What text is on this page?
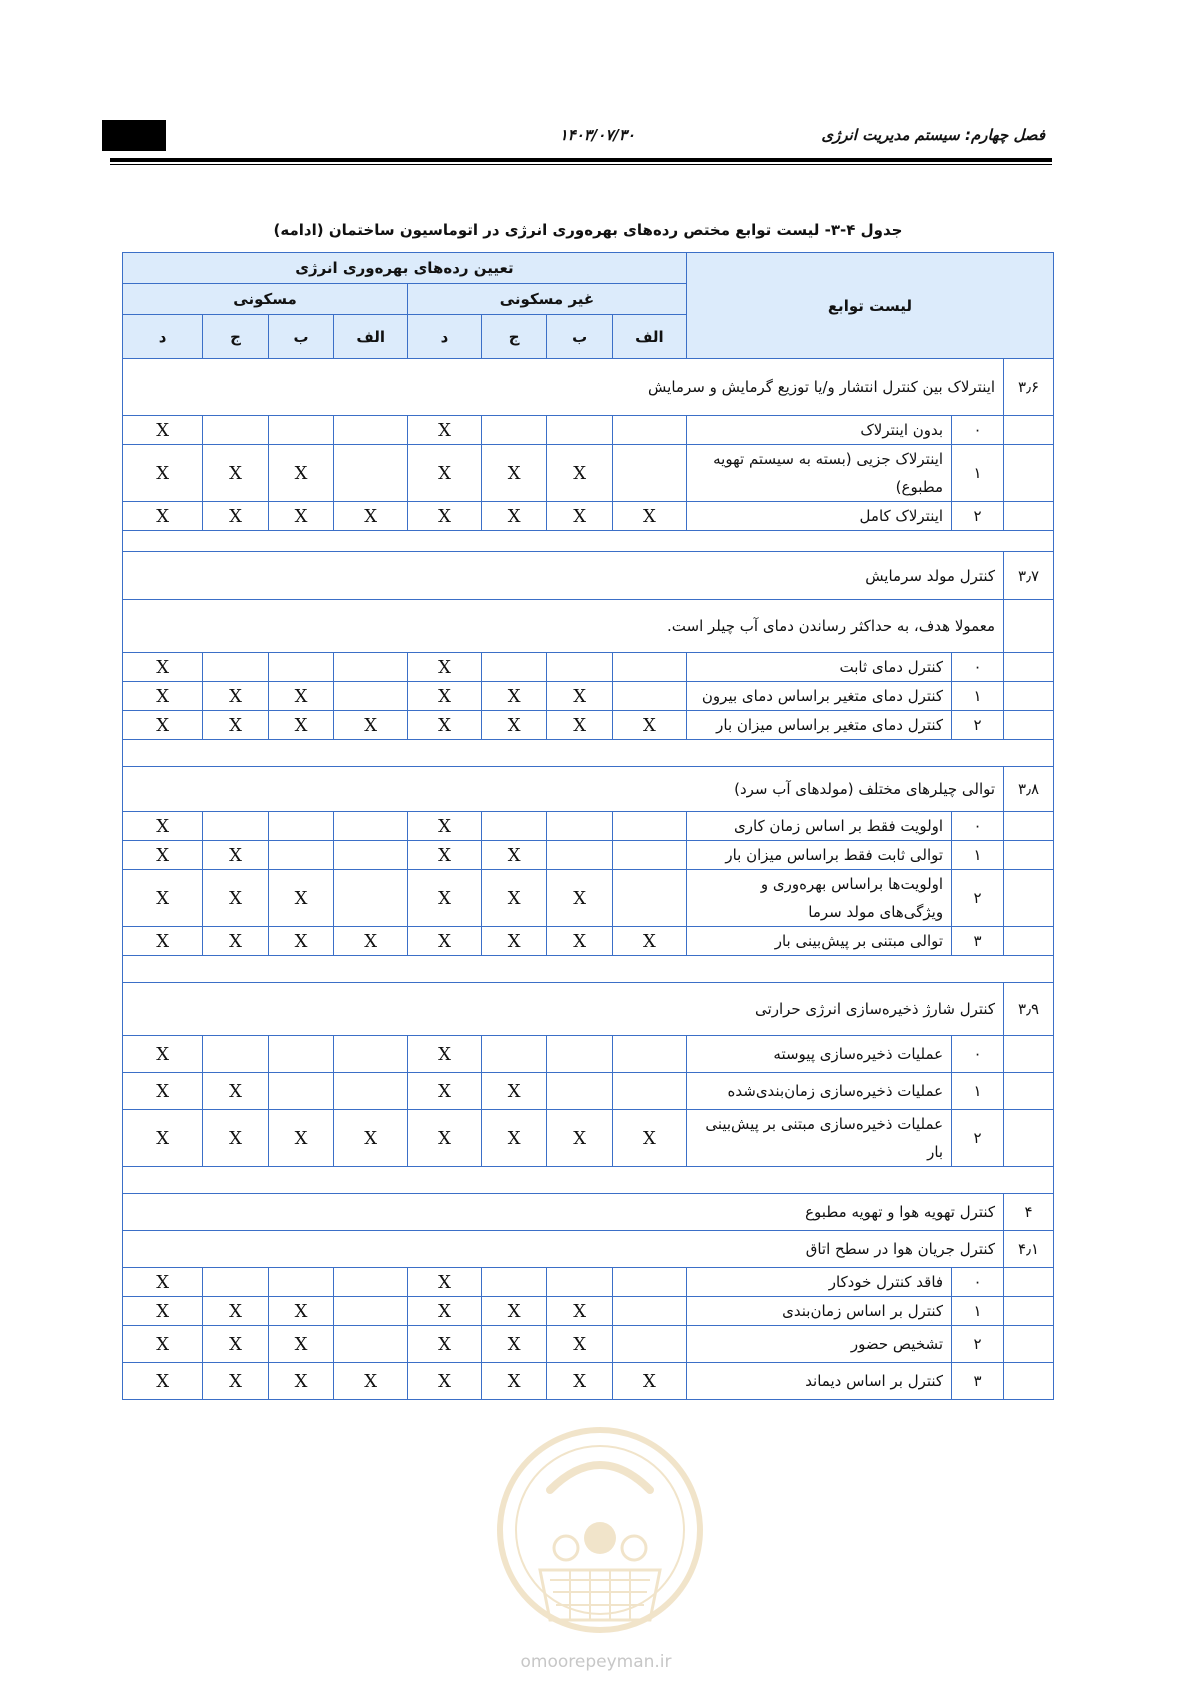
فصل چهارم: سیستم مدیریت انرژی
۱۴۰۳/۰۷/۳۰
جدول ۴-۳- لیست توابع مختص رده‌های بهره‌وری انرژی در اتوماسیون ساختمان (ادامه)
لیست توابع			تعیین رده‌های بهره‌وری انرژی							
			غیر مسکونی				مسکونی			
			الف	ب	ج	د	الف	ب	ج	د
۳٫۶	اینترلاک بین کنترل انتشار و/یا توزیع گرمایش و سرمایش									
	۰	بدون اینترلاک				X				X
	۱	اینترلاک جزیی (بسته به سیستم تهویه مطبوع)		X	X	X		X	X	X
	۲	اینترلاک کامل	X	X	X	X	X	X	X	X

۳٫۷	کنترل مولد سرمایش									
	معمولا هدف، به حداکثر رساندن دمای آب چیلر است.									
	۰	کنترل دمای ثابت				X				X
	۱	کنترل دمای متغیر براساس دمای بیرون		X	X	X		X	X	X
	۲	کنترل دمای متغیر براساس میزان بار	X	X	X	X	X	X	X	X

۳٫۸	توالی چیلرهای مختلف (مولدهای آب سرد)									
	۰	اولویت فقط بر اساس زمان کاری				X				X
	۱	توالی ثابت فقط براساس میزان بار			X	X			X	X
	۲	اولویت‌ها براساس بهره‌وری و ویژگی‌های مولد سرما		X	X	X		X	X	X
	۳	توالی مبتنی بر پیش‌بینی بار	X	X	X	X	X	X	X	X

۳٫۹	کنترل شارژ ذخیره‌سازی انرژی حرارتی									
	۰	عملیات ذخیره‌سازی پیوسته				X				X
	۱	عملیات ذخیره‌سازی زمان‌بندی‌شده			X	X			X	X
	۲	عملیات ذخیره‌سازی مبتنی بر پیش‌بینی بار	X	X	X	X	X	X	X	X

۴	کنترل تهویه هوا و تهویه مطبوع									
۴٫۱	کنترل جریان هوا در سطح اتاق									
	۰	فاقد کنترل خودکار				X				X
	۱	کنترل بر اساس زمان‌بندی		X	X	X		X	X	X
	۲	تشخیص حضور		X	X	X		X	X	X
	۳	کنترل بر اساس دیماند	X	X	X	X	X	X	X	X
omoorepeyman.ir
